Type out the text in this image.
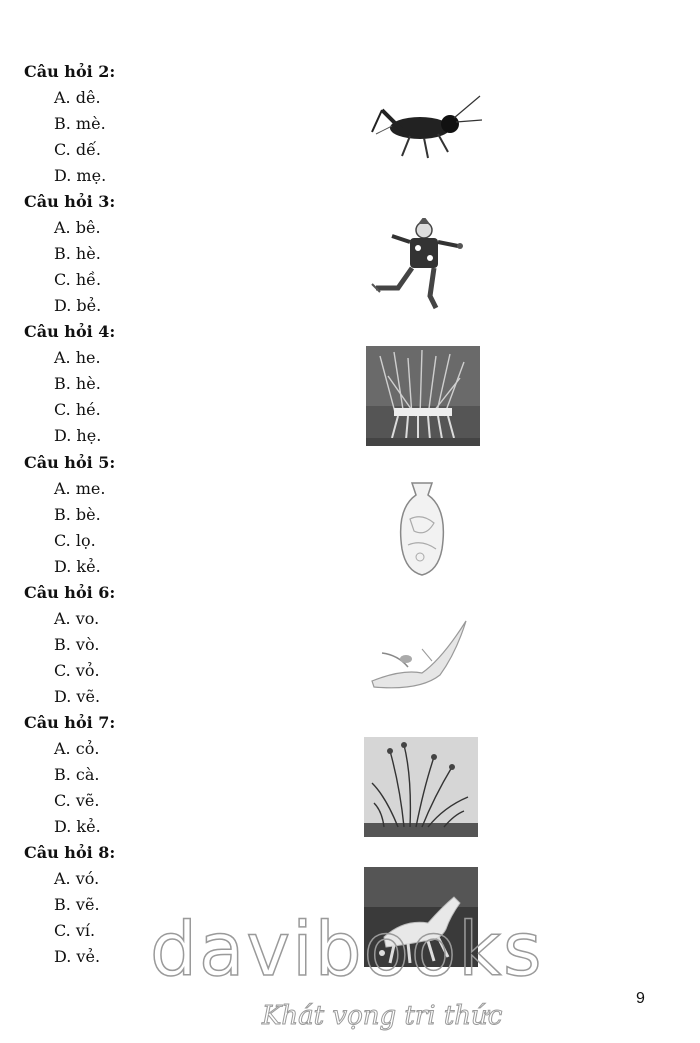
Câu hỏi 2:
A. dê.
B. mè.
C. dế.
D. mẹ.
Câu hỏi 3:
A. bê.
B. hè.
C. hề.
D. bẻ.
Câu hỏi 4:
A. he.
B. hè.
C. hé.
D. hẹ.
Câu hỏi 5:
A. me.
B. bè.
C. lọ.
D. kẻ.
Câu hỏi 6:
A. vo.
B. vò.
C. vỏ.
D. vẽ.
Câu hỏi 7:
A. cỏ.
B. cà.
C. vẽ.
D. kẻ.
Câu hỏi 8:
A. vó.
B. vẽ.
C. ví.
D. vẻ. davibooks
Khát vọng tri thức
9
